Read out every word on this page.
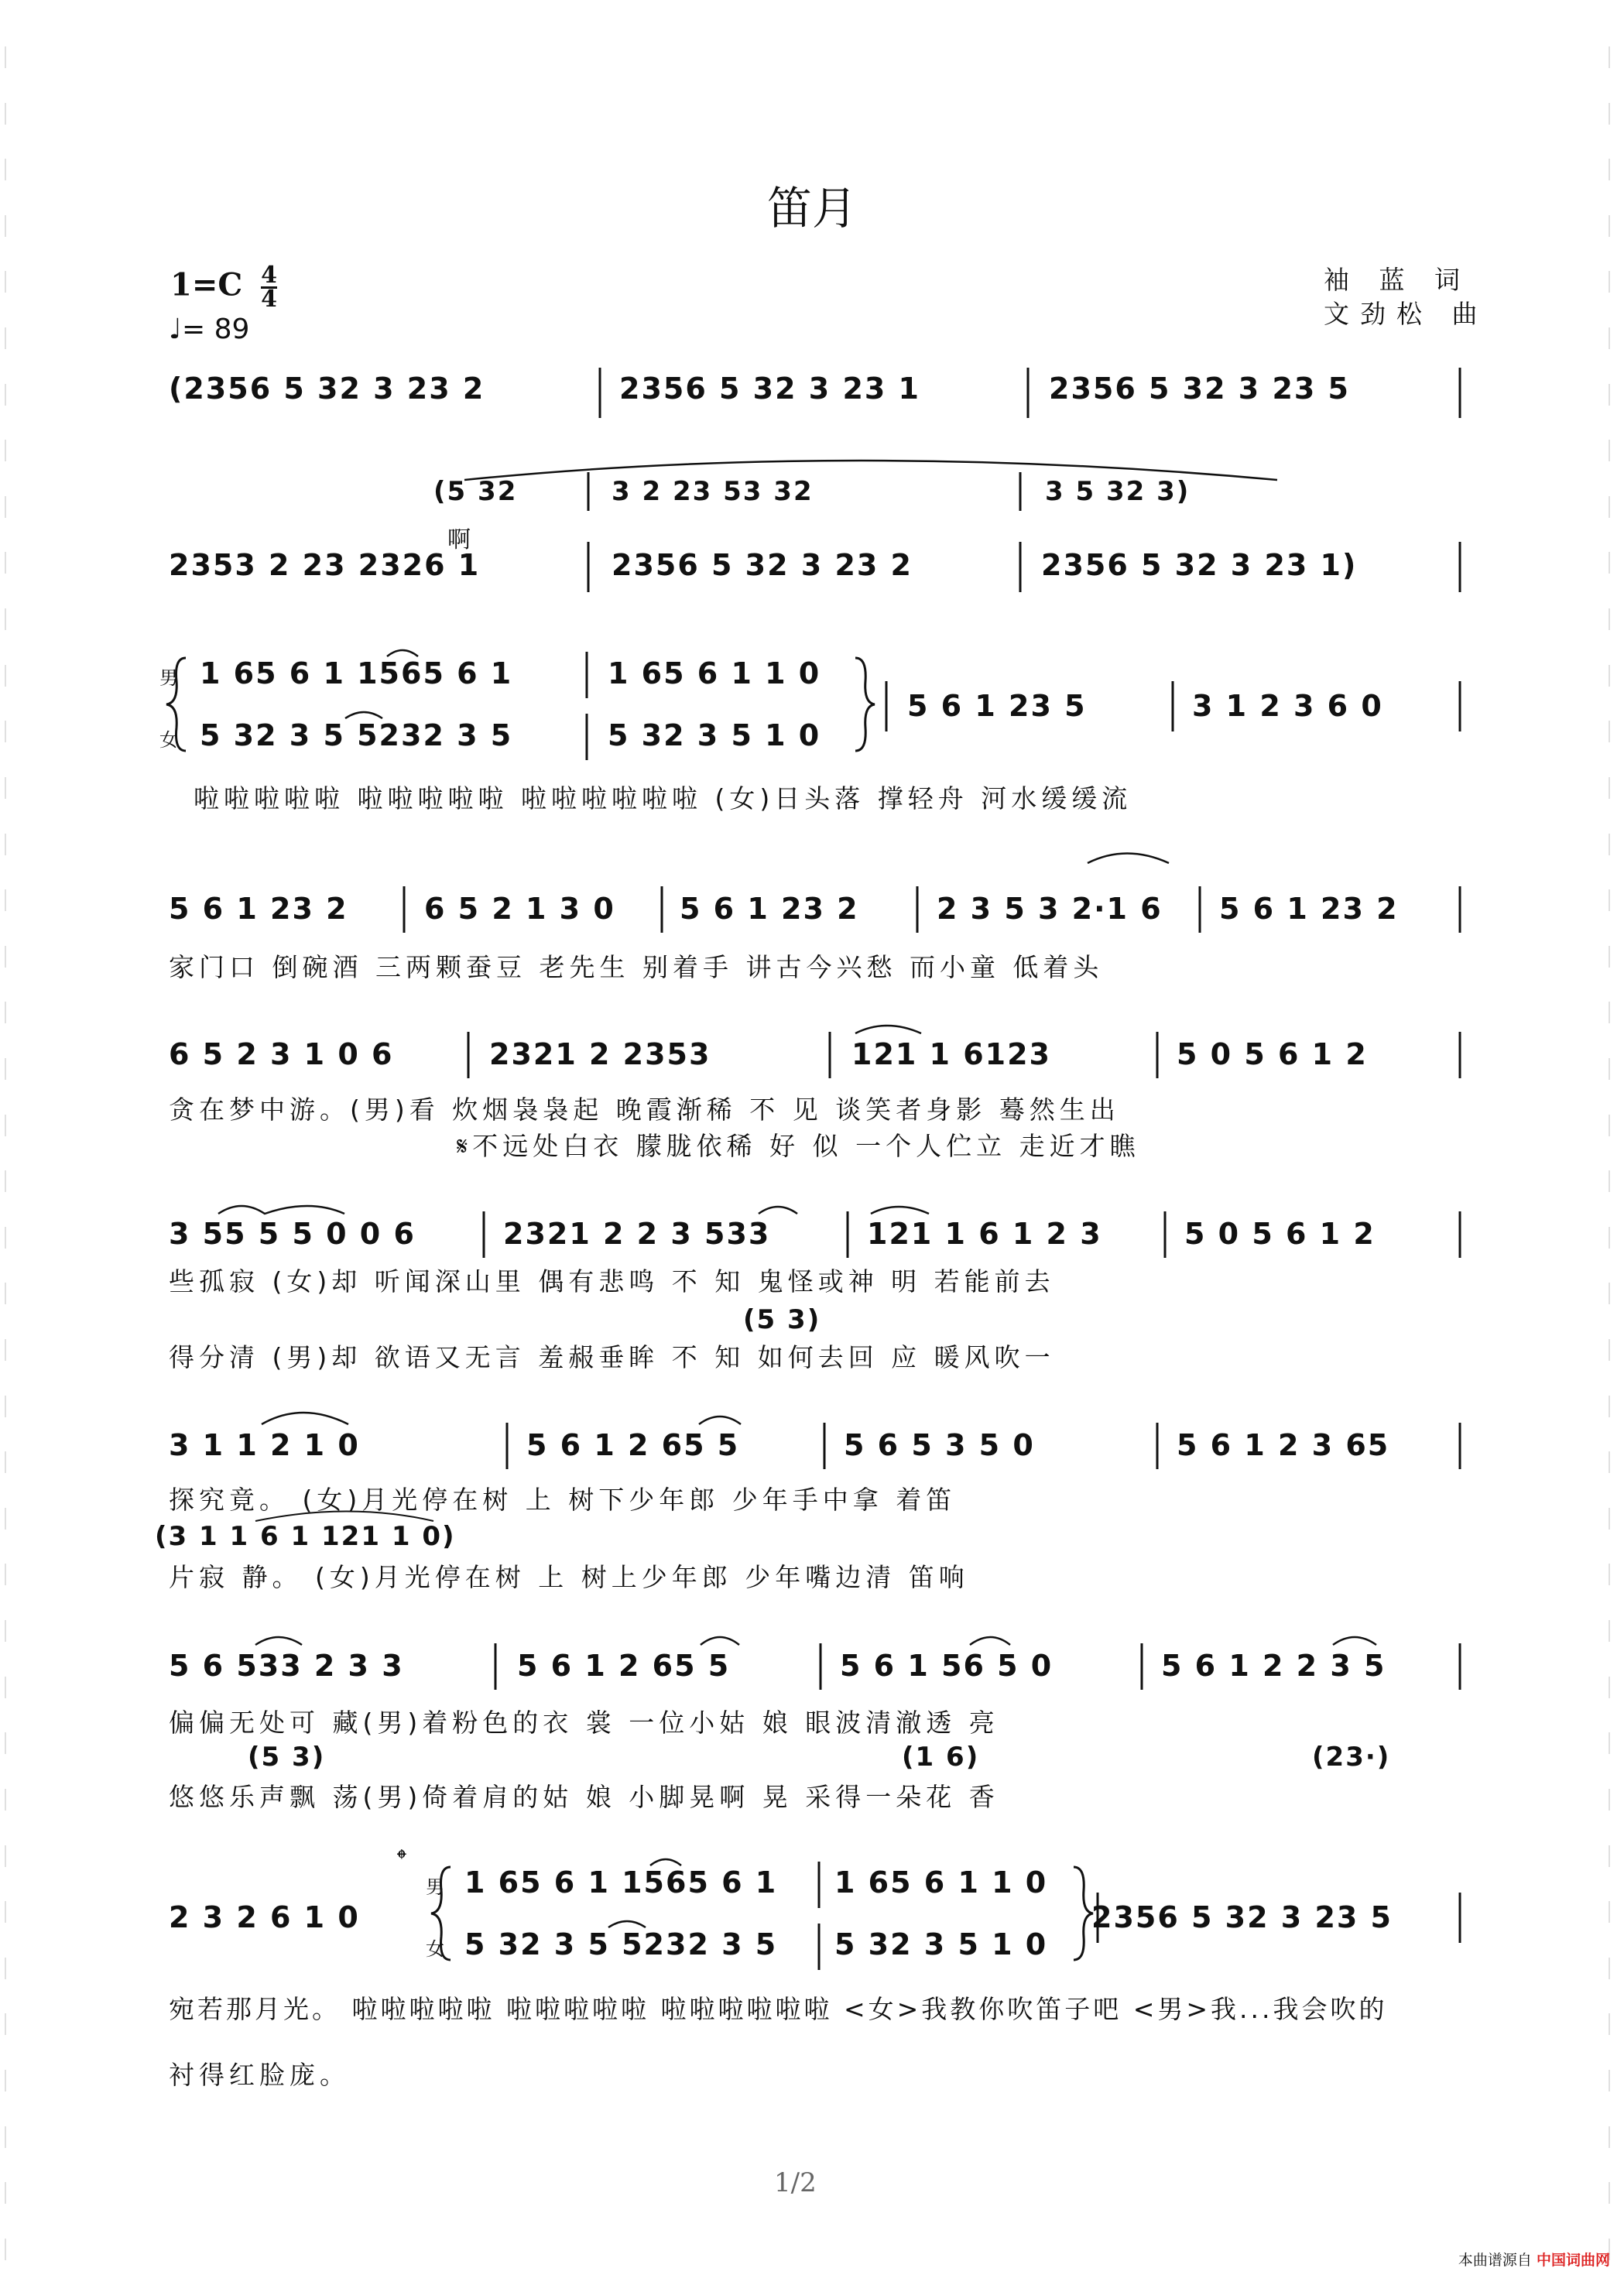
笛月
袖 蓝 词
文劲松 曲
$1=C \frac{4}{4}$
♩= 89
(2356 5 32 3 23 2	2356 5 32 3 23 1	2356 5 32 3 23 5
(5 32	3 2 23 53 32	3 5 32 3)
啊
2353 2 23 2326 1	2356 5 32 3 23 2	2356 5 32 3 23 1)
男
女
1 65 6 1 1565 6 1	1 65 6 1 1 0
5 32 3 5 5232 3 5	5 32 3 5 1 0
5 6 1 23 5	3 1 2 3 6 0
啦啦啦啦啦 啦啦啦啦啦 啦啦啦啦啦啦 (女)日头落 撑轻舟 河水缓缓流
5 6 1 23 2	6 5 2 1 3 0 5 6 1 23 2	2 3 5 3 2·1 6 5 6 1 23 2
家门口 倒碗酒 三两颗蚕豆 老先生 别着手 讲古今兴愁 而小童 低着头
6 5 2 3 1 0 6	2321 2 2353	121 1 6123	5 0 5 6 1 2
贪在梦中游。(男)看 炊烟袅袅起 晚霞渐稀 不 见 谈笑者身影 蓦然生出
𝄋不远处白衣 朦胧依稀 好 似 一个人伫立 走近才瞧
3 55 5 5 0 0 6	2321 2 2 3 533	121 1 6 1 2 3	5 0 5 6 1 2
些孤寂 (女)却 听闻深山里 偶有悲鸣 不 知 鬼怪或神 明 若能前去
(5 3)
得分清 (男)却 欲语又无言 羞赧垂眸 不 知 如何去回 应 暖风吹一
3 1 1 2 1 0	5 6 1 2 65 5	5 6 5 3 5 0	5 6 1 2 3 65
探究竟。 (女)月光停在树 上 树下少年郎 少年手中拿 着笛
(3 1 1 6 1 121 1 0)
片寂 静。 (女)月光停在树 上 树上少年郎 少年嘴边清 笛响
5 6 533 2 3 3	5 6 1 2 65 5	5 6 1 56 5 0	5 6 1 2 2 3 5
偏偏无处可 藏(男)着粉色的衣 裳 一位小姑 娘 眼波清澈透 亮
(5 3)	(1 6)	(23·)
悠悠乐声飘 荡(男)倚着肩的姑 娘 小脚晃啊 晃 采得一朵花 香
𝄌
2 3 2 6 1 0
男
女
1 65 6 1 1565 6 1 1 65 6 1 1 0
5 32 3 5 5232 3 5 5 32 3 5 1 0
2356 5 32 3 23 5
宛若那月光。 啦啦啦啦啦 啦啦啦啦啦 啦啦啦啦啦啦 <女>我教你吹笛子吧 <男>我...我会吹的
衬得红脸庞。
1/2
本曲谱源自 中国词曲网
